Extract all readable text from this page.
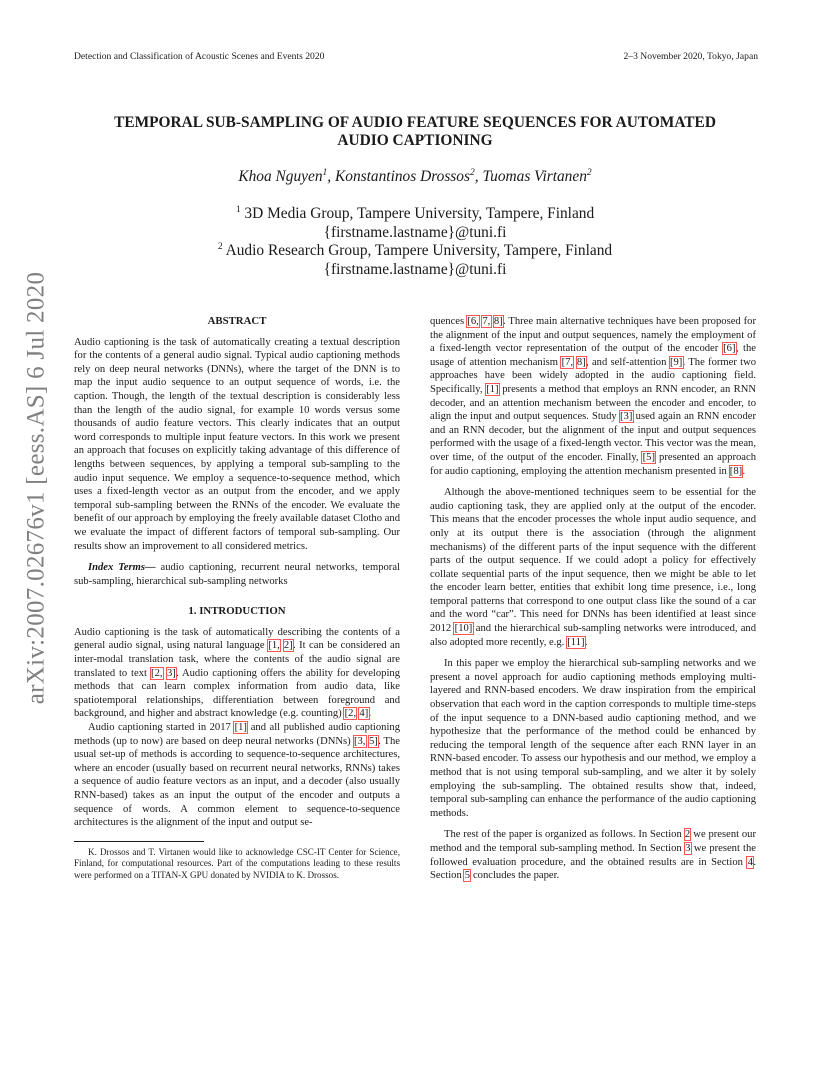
Detection and Classification of Acoustic Scenes and Events 2020	2–3 November 2020, Tokyo, Japan
arXiv:2007.02676v1 [eess.AS] 6 Jul 2020
TEMPORAL SUB-SAMPLING OF AUDIO FEATURE SEQUENCES FOR AUTOMATED AUDIO CAPTIONING
Khoa Nguyen$^1$, Konstantinos Drossos$^2$, Tuomas Virtanen$^2$
$^1$ 3D Media Group, Tampere University, Tampere, Finland
{firstname.lastname}@tuni.fi
$^2$ Audio Research Group, Tampere University, Tampere, Finland
{firstname.lastname}@tuni.fi
ABSTRACT

Audio captioning is the task of automatically creating a textual description for the contents of a general audio signal. Typical audio captioning methods rely on deep neural networks (DNNs), where the target of the DNN is to map the input audio sequence to an output sequence of words, i.e. the caption. Though, the length of the textual description is considerably less than the length of the audio signal, for example 10 words versus some thousands of audio feature vectors. This clearly indicates that an output word corresponds to multiple input feature vectors. In this work we present an approach that focuses on explicitly taking advantage of this difference of lengths between sequences, by applying a temporal sub-sampling to the audio input sequence. We employ a sequence-to-sequence method, which uses a fixed-length vector as an output from the encoder, and we apply temporal sub-sampling between the RNNs of the encoder. We evaluate the benefit of our approach by employing the freely available dataset Clotho and we evaluate the impact of different factors of temporal sub-sampling. Our results show an improvement to all considered metrics.

Index Terms— audio captioning, recurrent neural networks, temporal sub-sampling, hierarchical sub-sampling networks

1. INTRODUCTION

Audio captioning is the task of automatically describing the contents of a general audio signal, using natural language [1, 2]. It can be considered an inter-modal translation task, where the contents of the audio signal are translated to text [2, 3]. Audio captioning offers the ability for developing methods that can learn complex information from audio data, like spatiotemporal relationships, differentiation between foreground and background, and higher and abstract knowledge (e.g. counting) [2, 4].

Audio captioning started in 2017 [1] and all published audio captioning methods (up to now) are based on deep neural networks (DNNs) [3, 5]. The usual set-up of methods is according to sequence-to-sequence architectures, where an encoder (usually based on recurrent neural networks, RNNs) takes a sequence of audio feature vectors as an input, and a decoder (also usually RNN-based) takes as an input the output of the encoder and outputs a sequence of words. A common element to sequence-to-sequence architectures is the alignment of the input and output se-

K. Drossos and T. Virtanen would like to acknowledge CSC-IT Center for Science, Finland, for computational resources. Part of the computations leading to these results were performed on a TITAN-X GPU donated by NVIDIA to K. Drossos.

quences [6, 7, 8]. Three main alternative techniques have been proposed for the alignment of the input and output sequences, namely the employment of a fixed-length vector representation of the output of the encoder [6], the usage of attention mechanism [7, 8], and self-attention [9]. The former two approaches have been widely adopted in the audio captioning field. Specifically, [1] presents a method that employs an RNN encoder, an RNN decoder, and an attention mechanism between the encoder and encoder, to align the input and output sequences. Study [3] used again an RNN encoder and an RNN decoder, but the alignment of the input and output sequences performed with the usage of a fixed-length vector. This vector was the mean, over time, of the output of the encoder. Finally, [5] presented an approach for audio captioning, employing the attention mechanism presented in [8].

Although the above-mentioned techniques seem to be essential for the audio captioning task, they are applied only at the output of the encoder. This means that the encoder processes the whole input audio sequence, and only at its output there is the association (through the alignment mechanisms) of the different parts of the input sequence with the different parts of the output sequence. If we could adopt a policy for effectively collate sequential parts of the input sequence, then we might be able to let the encoder learn better, entities that exhibit long time presence, i.e., long temporal patterns that correspond to one output class like the sound of a car and the word “car”. This need for DNNs has been identified at least since 2012 [10] and the hierarchical sub-sampling networks were introduced, and also adopted more recently, e.g. [11].

In this paper we employ the hierarchical sub-sampling networks and we present a novel approach for audio captioning methods employing multi-layered and RNN-based encoders. We draw inspiration from the empirical observation that each word in the caption corresponds to multiple time-steps of the input sequence to a DNN-based audio captioning method, and we hypothesize that the performance of the method could be enhanced by reducing the temporal length of the sequence after each RNN layer in an RNN-based encoder. To assess our hypothesis and our method, we employ a method that is not using temporal sub-sampling, and we alter it by solely employing the sub-sampling. The obtained results show that, indeed, temporal sub-sampling can enhance the performance of the audio captioning methods.

The rest of the paper is organized as follows. In Section 2 we present our method and the temporal sub-sampling method. In Section 3 we present the followed evaluation procedure, and the obtained results are in Section 4. Section 5 concludes the paper.
